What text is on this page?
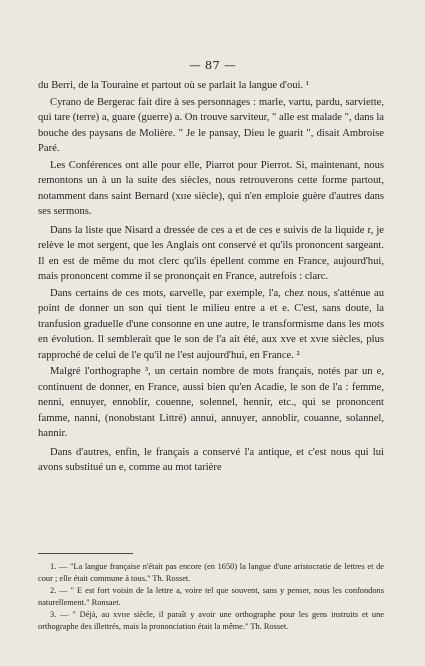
— 87 —

du Berri, de la Touraine et partout où se parlait la langue d'oui. ¹

Cyrano de Bergerac fait dire à ses personnages : marle, vartu, pardu, sarviette, qui tare (terre) a, guare (guerre) a. On trouve sarviteur, " alle est malade ", dans la bouche des paysans de Molière. " Je le pansay, Dieu le guarit ", disait Ambroise Paré.

Les Conférences ont alle pour elle, Piarrot pour Pierrot. Si, maintenant, nous remontons un à un la suite des siècles, nous retrouverons cette forme partout, notamment dans saint Bernard (xɪɪe siècle), qui n'en emploie guère d'autres dans ses sermons.

Dans la liste que Nisard a dressée de ces a et de ces e suivis de la liquide r, je relève le mot sergent, que les Anglais ont conservé et qu'ils prononcent sargeant. Il en est de même du mot clerc qu'ils épellent comme en France, aujourd'hui, mais prononcent comme il se prononçait en France, autrefois : clarc.

Dans certains de ces mots, ɕarvelle, par exemple, l'a, chez nous, s'atténue au point de donner un son qui tient le milieu entre a et e. C'est, sans doute, la tranfusion graduelle d'une consonne en une autre, le transformisme dans les mots en évolution. Il semblerait que le son de l'a ait été, aux xve et xvɪe siècles, plus rapproché de celui de l'e qu'il ne l'est aujourd'hui, en France. ²

Malgré l'orthographe ³, un certain nombre de mots français, notés par un e, continuent de donner, en France, aussi bien qu'en Acadie, le son de l'a : femme, nenni, ennuyer, ennoblir, couenne, solennel, hennir, etc., qui se prononcent famme, nanni, (nonobstant Littré) annui, annuyer, annoblir, couanne, solannel, hannir.

Dans d'autres, enfin, le français a conservé l'a antique, et c'est nous qui lui avons substitué un e, comme au mot tarière

1. — "La langue française n'était pas encore (en 1650) la langue d'une aristocratie de lettres et de cour ; elle était commune à tous." Th. Rosset.

2. — " E est fort voisin de la lettre a, voire tel que souvent, sans y penser, nous les confondons naturellement." Ronsaet.

3. — " Déjà, au xvɪɪe siècle, il paraît y avoir une orthographe pour les gens instruits et une orthographe des illettrés, mais la prononciation était la même." Th. Rosset.
